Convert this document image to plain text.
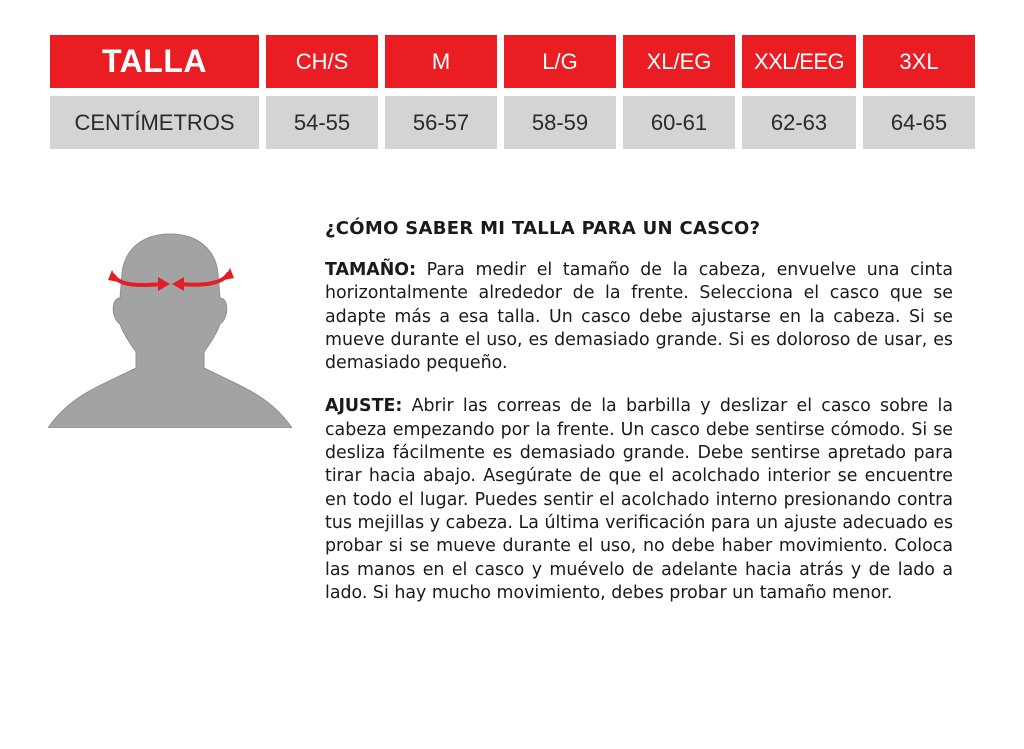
TALLA	CH/S	M	L/G	XL/EG	XXL/EEG	3XL
CENTÍMETROS	54-55	56-57	58-59	60-61	62-63	64-65
¿CÓMO SABER MI TALLA PARA UN CASCO?

TAMAÑO: Para medir el tamaño de la cabeza, envuelve una cinta horizontalmente alrededor de la frente. Selecciona el casco que se adapte más a esa talla. Un casco debe ajustarse en la cabeza. Si se mueve durante el uso, es demasiado grande. Si es doloroso de usar, es demasiado pequeño.

AJUSTE: Abrir las correas de la barbilla y deslizar el casco sobre la cabeza empezando por la frente. Un casco debe sentirse cómodo. Si se desliza fácilmente es demasiado grande. Debe sentirse apretado para tirar hacia abajo. Asegúrate de que el acolchado interior se encuentre en todo el lugar. Puedes sentir el acolchado interno presionando contra tus mejillas y cabeza. La última verificación para un ajuste adecuado es probar si se mueve durante el uso, no debe haber movimiento. Coloca las manos en el casco y muévelo de adelante hacia atrás y de lado a lado. Si hay mucho movimiento, debes probar un tamaño menor.
